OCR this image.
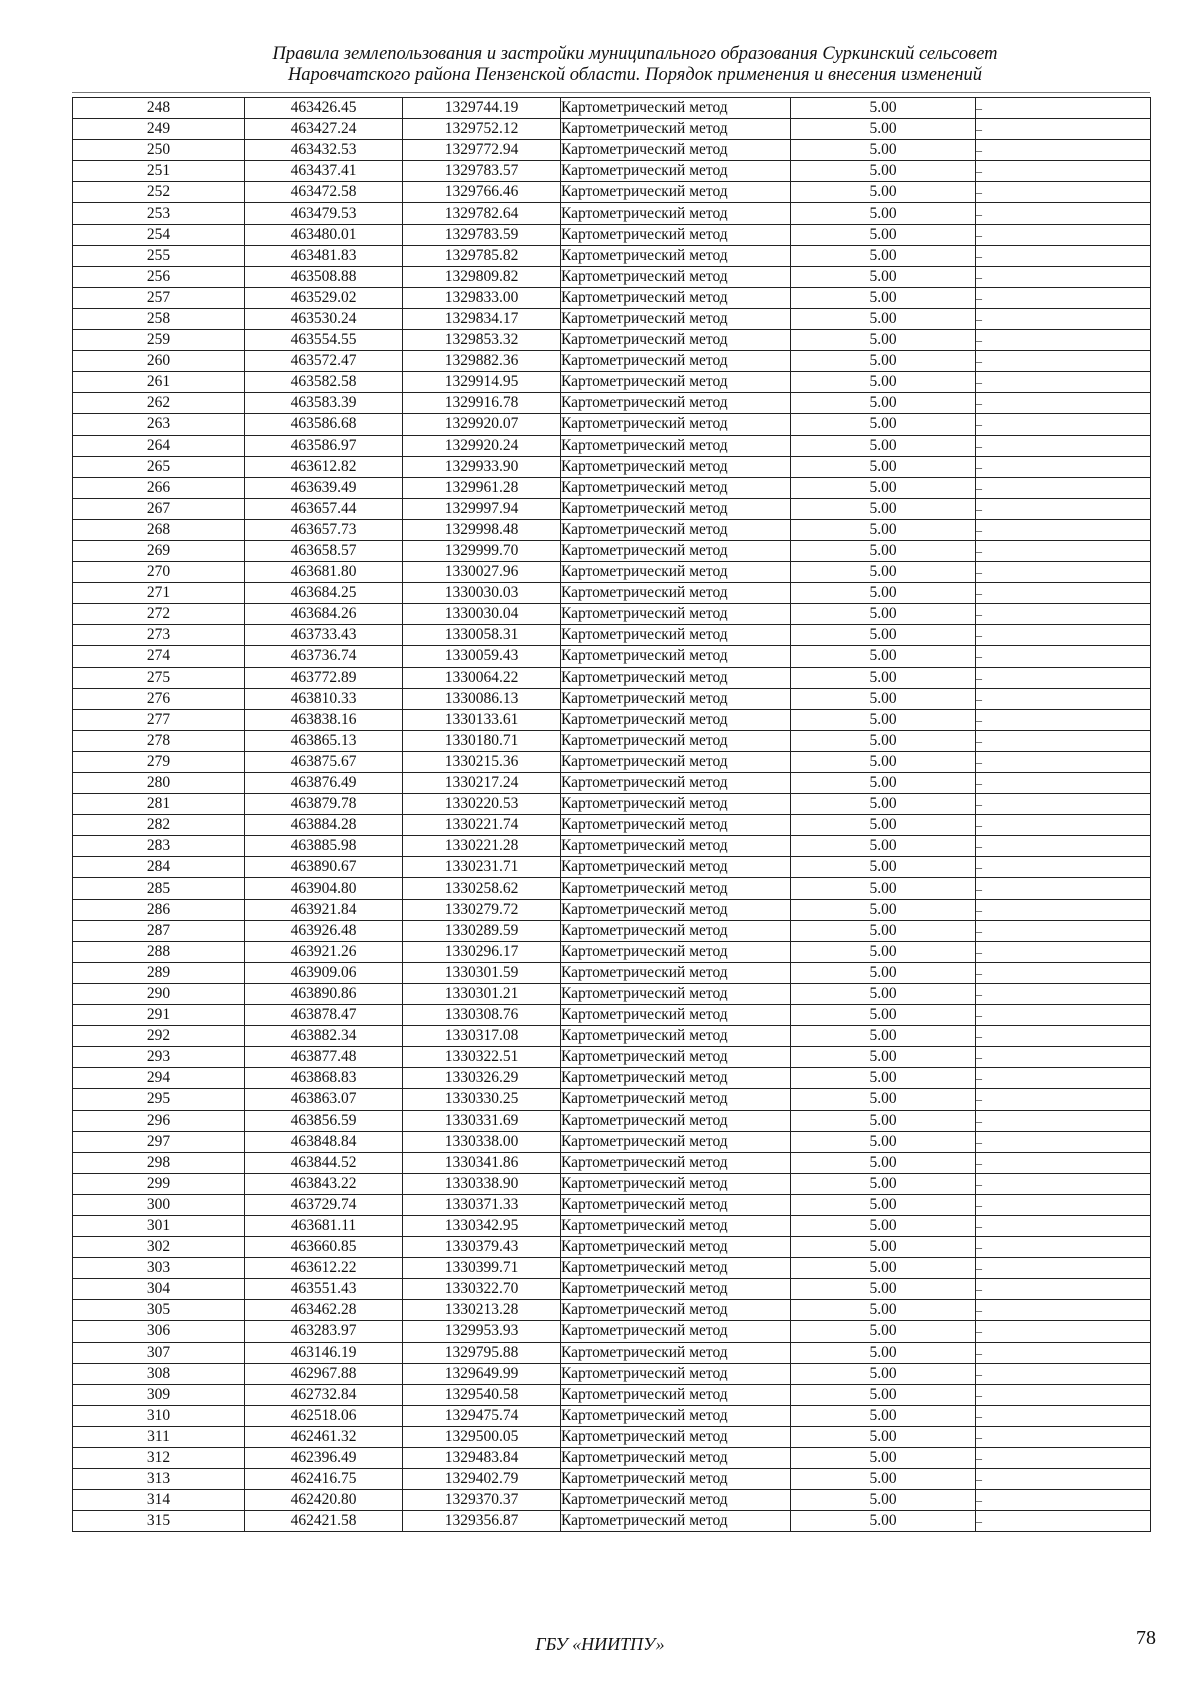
Правила землепользования и застройки муниципального образования Суркинский сельсовет
Наровчатского района Пензенской области. Порядок применения и внесения изменений
248	463426.45	1329744.19	Картометрический метод	5.00	–
249	463427.24	1329752.12	Картометрический метод	5.00	–
250	463432.53	1329772.94	Картометрический метод	5.00	–
251	463437.41	1329783.57	Картометрический метод	5.00	–
252	463472.58	1329766.46	Картометрический метод	5.00	–
253	463479.53	1329782.64	Картометрический метод	5.00	–
254	463480.01	1329783.59	Картометрический метод	5.00	–
255	463481.83	1329785.82	Картометрический метод	5.00	–
256	463508.88	1329809.82	Картометрический метод	5.00	–
257	463529.02	1329833.00	Картометрический метод	5.00	–
258	463530.24	1329834.17	Картометрический метод	5.00	–
259	463554.55	1329853.32	Картометрический метод	5.00	–
260	463572.47	1329882.36	Картометрический метод	5.00	–
261	463582.58	1329914.95	Картометрический метод	5.00	–
262	463583.39	1329916.78	Картометрический метод	5.00	–
263	463586.68	1329920.07	Картометрический метод	5.00	–
264	463586.97	1329920.24	Картометрический метод	5.00	–
265	463612.82	1329933.90	Картометрический метод	5.00	–
266	463639.49	1329961.28	Картометрический метод	5.00	–
267	463657.44	1329997.94	Картометрический метод	5.00	–
268	463657.73	1329998.48	Картометрический метод	5.00	–
269	463658.57	1329999.70	Картометрический метод	5.00	–
270	463681.80	1330027.96	Картометрический метод	5.00	–
271	463684.25	1330030.03	Картометрический метод	5.00	–
272	463684.26	1330030.04	Картометрический метод	5.00	–
273	463733.43	1330058.31	Картометрический метод	5.00	–
274	463736.74	1330059.43	Картометрический метод	5.00	–
275	463772.89	1330064.22	Картометрический метод	5.00	–
276	463810.33	1330086.13	Картометрический метод	5.00	–
277	463838.16	1330133.61	Картометрический метод	5.00	–
278	463865.13	1330180.71	Картометрический метод	5.00	–
279	463875.67	1330215.36	Картометрический метод	5.00	–
280	463876.49	1330217.24	Картометрический метод	5.00	–
281	463879.78	1330220.53	Картометрический метод	5.00	–
282	463884.28	1330221.74	Картометрический метод	5.00	–
283	463885.98	1330221.28	Картометрический метод	5.00	–
284	463890.67	1330231.71	Картометрический метод	5.00	–
285	463904.80	1330258.62	Картометрический метод	5.00	–
286	463921.84	1330279.72	Картометрический метод	5.00	–
287	463926.48	1330289.59	Картометрический метод	5.00	–
288	463921.26	1330296.17	Картометрический метод	5.00	–
289	463909.06	1330301.59	Картометрический метод	5.00	–
290	463890.86	1330301.21	Картометрический метод	5.00	–
291	463878.47	1330308.76	Картометрический метод	5.00	–
292	463882.34	1330317.08	Картометрический метод	5.00	–
293	463877.48	1330322.51	Картометрический метод	5.00	–
294	463868.83	1330326.29	Картометрический метод	5.00	–
295	463863.07	1330330.25	Картометрический метод	5.00	–
296	463856.59	1330331.69	Картометрический метод	5.00	–
297	463848.84	1330338.00	Картометрический метод	5.00	–
298	463844.52	1330341.86	Картометрический метод	5.00	–
299	463843.22	1330338.90	Картометрический метод	5.00	–
300	463729.74	1330371.33	Картометрический метод	5.00	–
301	463681.11	1330342.95	Картометрический метод	5.00	–
302	463660.85	1330379.43	Картометрический метод	5.00	–
303	463612.22	1330399.71	Картометрический метод	5.00	–
304	463551.43	1330322.70	Картометрический метод	5.00	–
305	463462.28	1330213.28	Картометрический метод	5.00	–
306	463283.97	1329953.93	Картометрический метод	5.00	–
307	463146.19	1329795.88	Картометрический метод	5.00	–
308	462967.88	1329649.99	Картометрический метод	5.00	–
309	462732.84	1329540.58	Картометрический метод	5.00	–
310	462518.06	1329475.74	Картометрический метод	5.00	–
311	462461.32	1329500.05	Картометрический метод	5.00	–
312	462396.49	1329483.84	Картометрический метод	5.00	–
313	462416.75	1329402.79	Картометрический метод	5.00	–
314	462420.80	1329370.37	Картометрический метод	5.00	–
315	462421.58	1329356.87	Картометрический метод	5.00	–
ГБУ «НИИТПУ»	78
